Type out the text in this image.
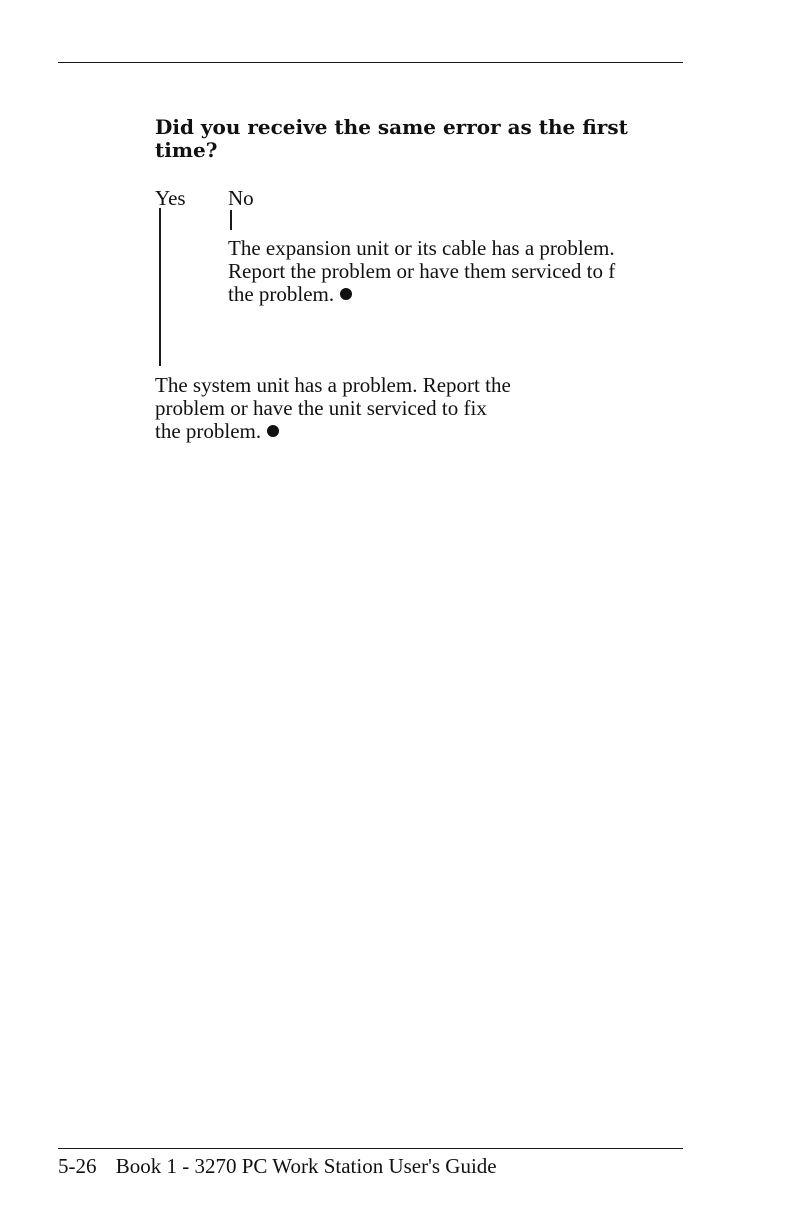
Did you receive the same error as the first
time?
Yes No
The expansion unit or its cable has a problem.
Report the problem or have them serviced to f
the problem.
The system unit has a problem. Report the
problem or have the unit serviced to fix
the problem.
5-26 Book 1 - 3270 PC Work Station User's Guide
